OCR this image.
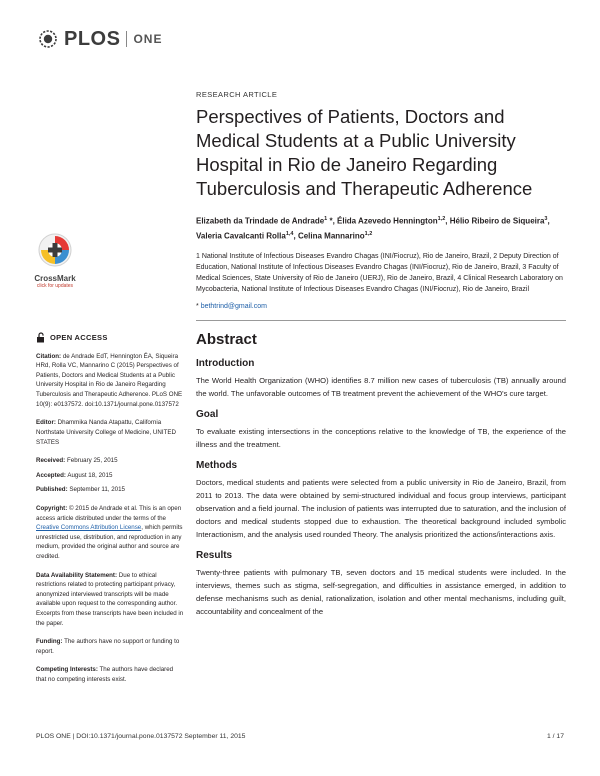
PLOS ONE
CrossMark
click for updates
OPEN ACCESS

Citation: de Andrade EdT, Hennington ÉA, Siqueira HRd, Rolla VC, Mannarino C (2015) Perspectives of Patients, Doctors and Medical Students at a Public University Hospital in Rio de Janeiro Regarding Tuberculosis and Therapeutic Adherence. PLoS ONE 10(9): e0137572. doi:10.1371/journal.pone.0137572

Editor: Dhammika Nanda Atapattu, California Northstate University College of Medicine, UNITED STATES

Received: February 25, 2015

Accepted: August 18, 2015

Published: September 11, 2015

Copyright: © 2015 de Andrade et al. This is an open access article distributed under the terms of the Creative Commons Attribution License, which permits unrestricted use, distribution, and reproduction in any medium, provided the original author and source are credited.

Data Availability Statement: Due to ethical restrictions related to protecting participant privacy, anonymized interviewed transcripts will be made available upon request to the corresponding author. Excerpts from these transcripts have been included in the paper.

Funding: The authors have no support or funding to report.

Competing Interests: The authors have declared that no competing interests exist.

RESEARCH ARTICLE
Perspectives of Patients, Doctors and Medical Students at a Public University Hospital in Rio de Janeiro Regarding Tuberculosis and Therapeutic Adherence
Elizabeth da Trindade de Andrade$^1$ *, Élida Azevedo Hennington$^{1,2}$, Hélio Ribeiro de Siqueira$^3$, Valeria Cavalcanti Rolla$^{1,4}$, Celina Mannarino$^{1,2}$
1 National Institute of Infectious Diseases Evandro Chagas (INI/Fiocruz), Rio de Janeiro, Brazil, 2 Deputy Direction of Education, National Institute of Infectious Diseases Evandro Chagas (INI/Fiocruz), Rio de Janeiro, Brazil, 3 Faculty of Medical Sciences, State University of Rio de Janeiro (UERJ), Rio de Janeiro, Brazil, 4 Clinical Research Laboratory on Mycobacteria, National Institute of Infectious Diseases Evandro Chagas (INI/Fiocruz), Rio de Janeiro, Brazil
* bethtrind@gmail.com
Abstract
Introduction

The World Health Organization (WHO) identifies 8.7 million new cases of tuberculosis (TB) annually around the world. The unfavorable outcomes of TB treatment prevent the achievement of the WHO's cure target.

Goal

To evaluate existing intersections in the conceptions relative to the knowledge of TB, the experience of the illness and the treatment.

Methods

Doctors, medical students and patients were selected from a public university in Rio de Janeiro, Brazil, from 2011 to 2013. The data were obtained by semi-structured individual and focus group interviews, participant observation and a field journal. The inclusion of patients was interrupted due to saturation, and the inclusion of doctors and medical students stopped due to exhaustion. The theoretical background included symbolic Interactionism, and the analysis used rounded Theory. The analysis prioritized the actions/interactions axis.

Results

Twenty-three patients with pulmonary TB, seven doctors and 15 medical students were included. In the interviews, themes such as stigma, self-segregation, and difficulties in assistance emerged, in addition to defense mechanisms such as denial, rationalization, isolation and other mental mechanisms, including guilt, accountability and concealment of the

PLOS ONE | DOI:10.1371/journal.pone.0137572 September 11, 2015	1 / 17
